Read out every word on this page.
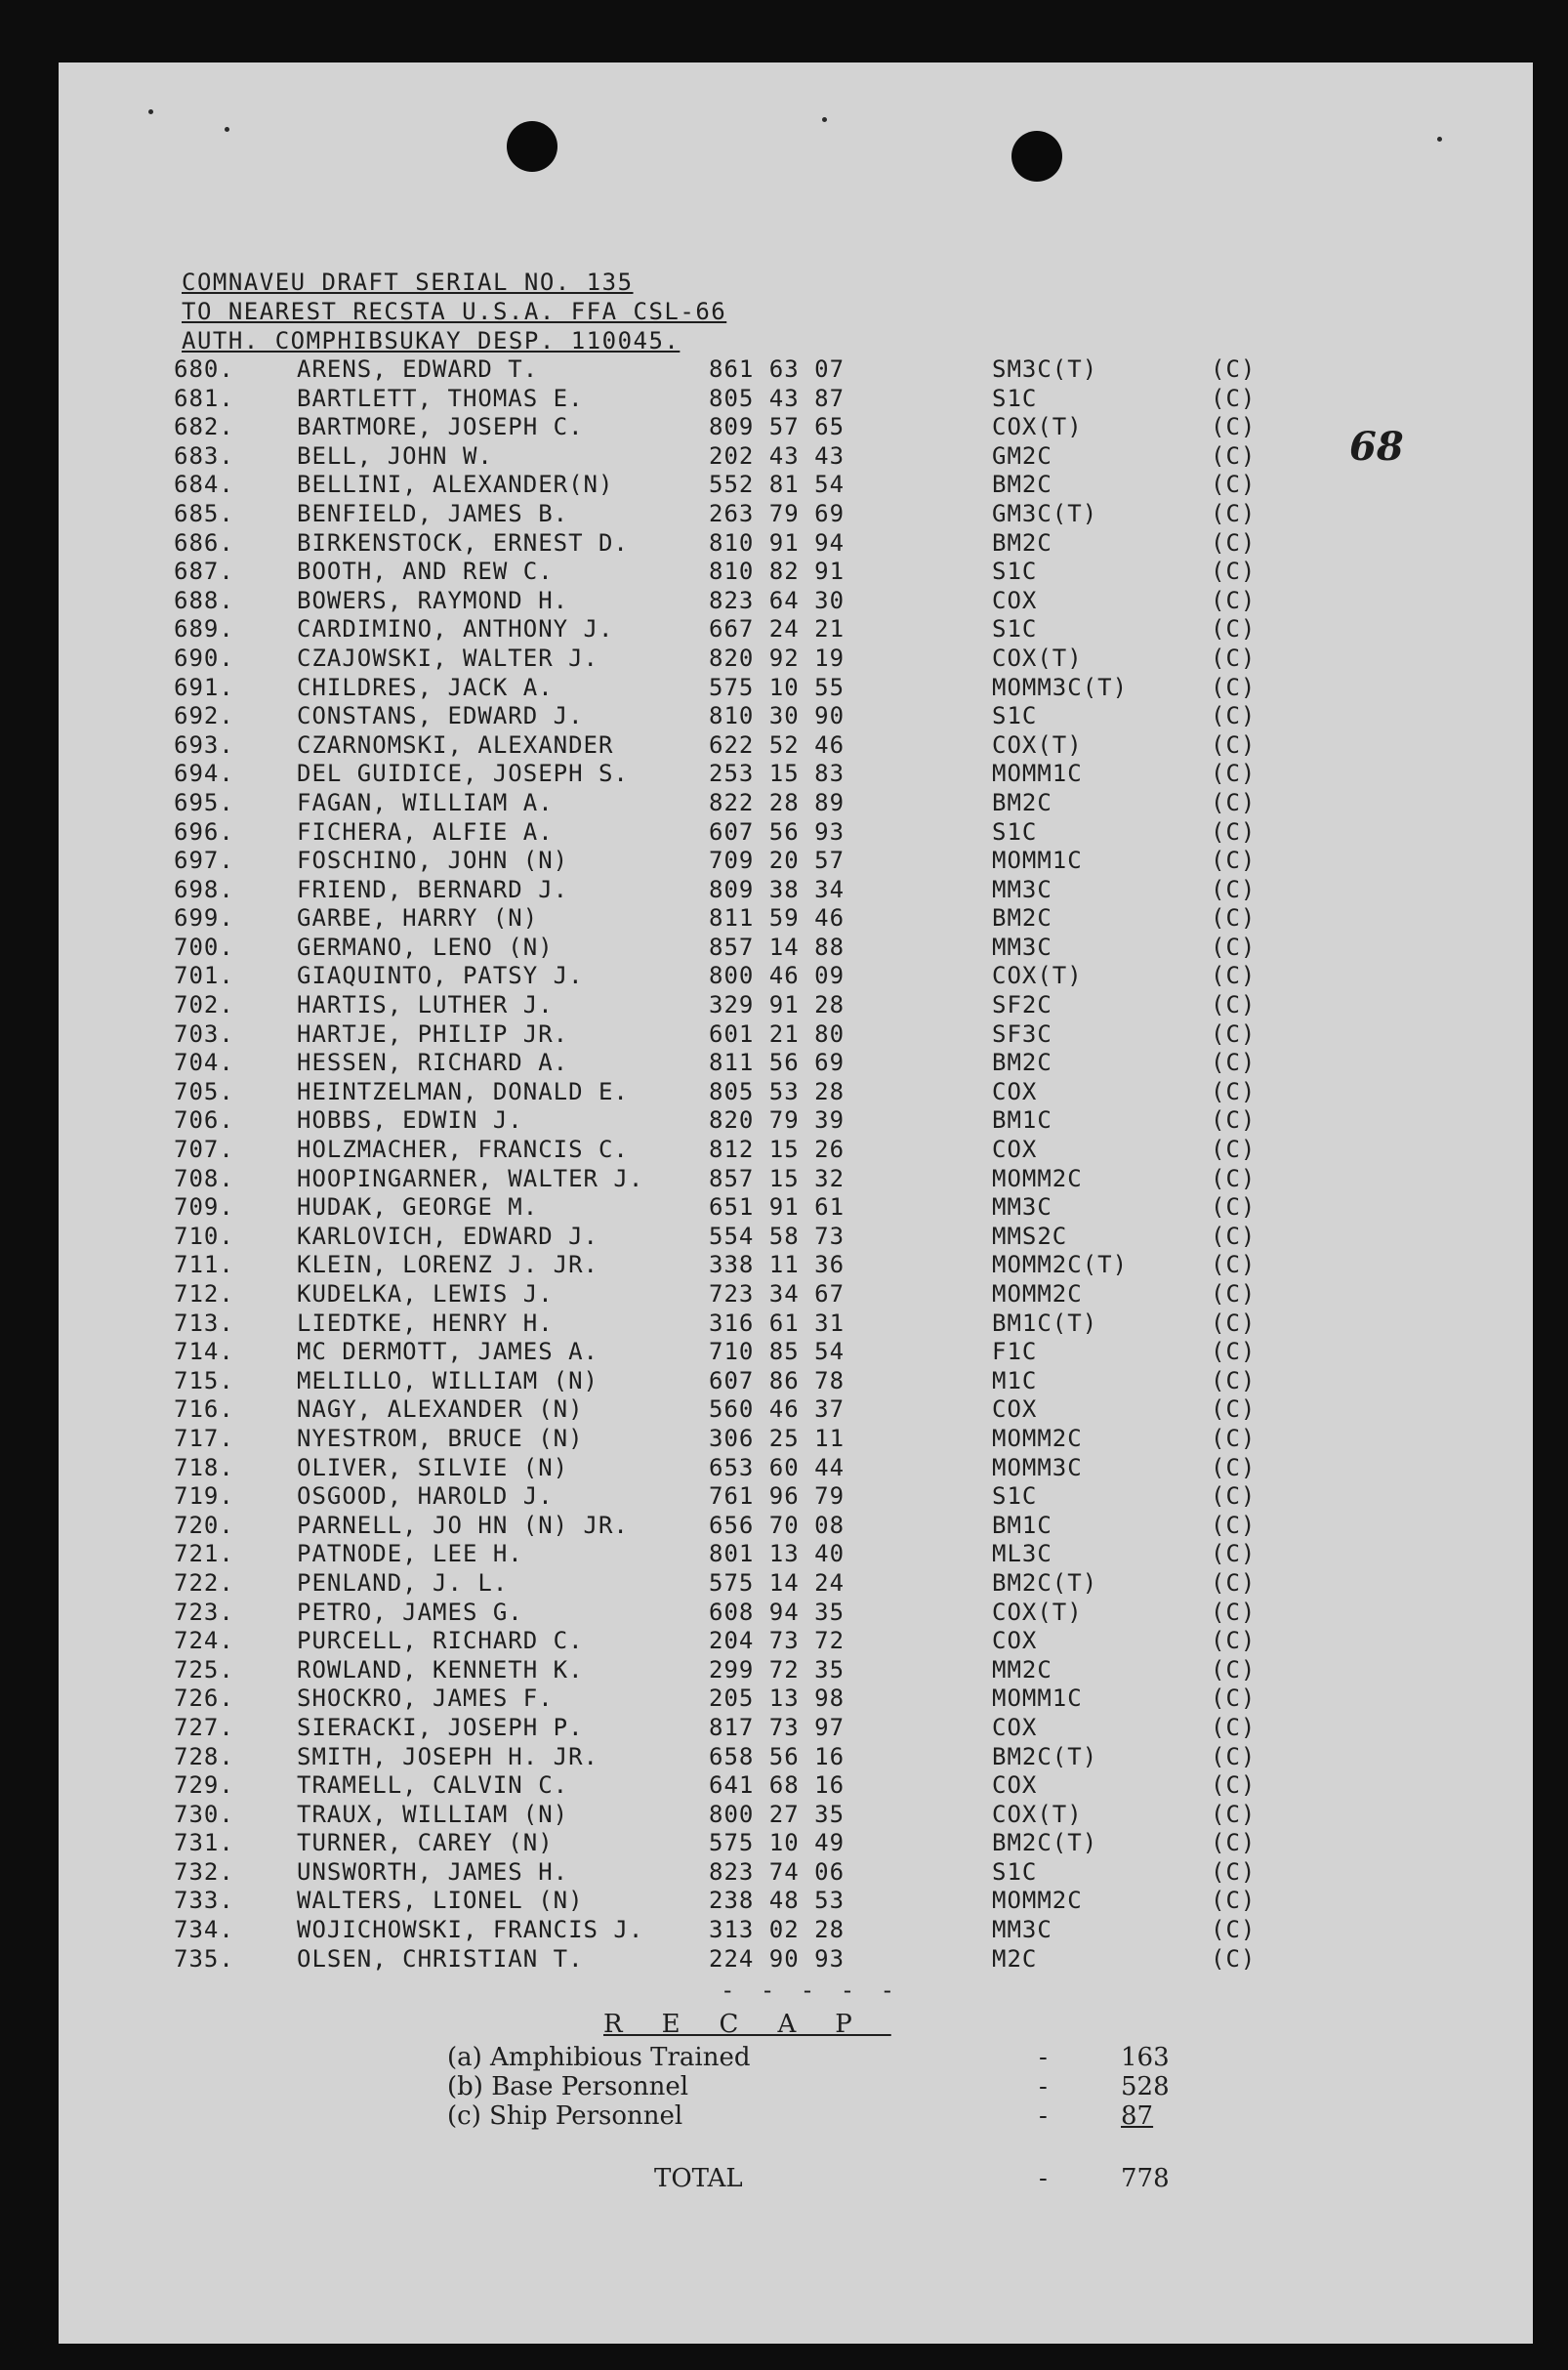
68
COMNAVEU DRAFT SERIAL NO. 135
TO NEAREST RECSTA U.S.A. FFA CSL-66
AUTH. COMPHIBSUKAY DESP. 110045.
680.	ARENS, EDWARD T.	861 63 07	SM3C(T)	(C)
681.	BARTLETT, THOMAS E.	805 43 87	S1C	(C)
682.	BARTMORE, JOSEPH C.	809 57 65	COX(T)	(C)
683.	BELL, JOHN W.	202 43 43	GM2C	(C)
684.	BELLINI, ALEXANDER(N)	552 81 54	BM2C	(C)
685.	BENFIELD, JAMES B.	263 79 69	GM3C(T)	(C)
686.	BIRKENSTOCK, ERNEST D.	810 91 94	BM2C	(C)
687.	BOOTH, AND REW C.	810 82 91	S1C	(C)
688.	BOWERS, RAYMOND H.	823 64 30	COX	(C)
689.	CARDIMINO, ANTHONY J.	667 24 21	S1C	(C)
690.	CZAJOWSKI, WALTER J.	820 92 19	COX(T)	(C)
691.	CHILDRES, JACK A.	575 10 55	MOMM3C(T)	(C)
692.	CONSTANS, EDWARD J.	810 30 90	S1C	(C)
693.	CZARNOMSKI, ALEXANDER	622 52 46	COX(T)	(C)
694.	DEL GUIDICE, JOSEPH S.	253 15 83	MOMM1C	(C)
695.	FAGAN, WILLIAM A.	822 28 89	BM2C	(C)
696.	FICHERA, ALFIE A.	607 56 93	S1C	(C)
697.	FOSCHINO, JOHN (N)	709 20 57	MOMM1C	(C)
698.	FRIEND, BERNARD J.	809 38 34	MM3C	(C)
699.	GARBE, HARRY (N)	811 59 46	BM2C	(C)
700.	GERMANO, LENO (N)	857 14 88	MM3C	(C)
701.	GIAQUINTO, PATSY J.	800 46 09	COX(T)	(C)
702.	HARTIS, LUTHER J.	329 91 28	SF2C	(C)
703.	HARTJE, PHILIP JR.	601 21 80	SF3C	(C)
704.	HESSEN, RICHARD A.	811 56 69	BM2C	(C)
705.	HEINTZELMAN, DONALD E.	805 53 28	COX	(C)
706.	HOBBS, EDWIN J.	820 79 39	BM1C	(C)
707.	HOLZMACHER, FRANCIS C.	812 15 26	COX	(C)
708.	HOOPINGARNER, WALTER J.	857 15 32	MOMM2C	(C)
709.	HUDAK, GEORGE M.	651 91 61	MM3C	(C)
710.	KARLOVICH, EDWARD J.	554 58 73	MMS2C	(C)
711.	KLEIN, LORENZ J. JR.	338 11 36	MOMM2C(T)	(C)
712.	KUDELKA, LEWIS J.	723 34 67	MOMM2C	(C)
713.	LIEDTKE, HENRY H.	316 61 31	BM1C(T)	(C)
714.	MC DERMOTT, JAMES A.	710 85 54	F1C	(C)
715.	MELILLO, WILLIAM (N)	607 86 78	M1C	(C)
716.	NAGY, ALEXANDER (N)	560 46 37	COX	(C)
717.	NYESTROM, BRUCE (N)	306 25 11	MOMM2C	(C)
718.	OLIVER, SILVIE (N)	653 60 44	MOMM3C	(C)
719.	OSGOOD, HAROLD J.	761 96 79	S1C	(C)
720.	PARNELL, JO HN (N) JR.	656 70 08	BM1C	(C)
721.	PATNODE, LEE H.	801 13 40	ML3C	(C)
722.	PENLAND, J. L.	575 14 24	BM2C(T)	(C)
723.	PETRO, JAMES G.	608 94 35	COX(T)	(C)
724.	PURCELL, RICHARD C.	204 73 72	COX	(C)
725.	ROWLAND, KENNETH K.	299 72 35	MM2C	(C)
726.	SHOCKRO, JAMES F.	205 13 98	MOMM1C	(C)
727.	SIERACKI, JOSEPH P.	817 73 97	COX	(C)
728.	SMITH, JOSEPH H. JR.	658 56 16	BM2C(T)	(C)
729.	TRAMELL, CALVIN C.	641 68 16	COX	(C)
730.	TRAUX, WILLIAM (N)	800 27 35	COX(T)	(C)
731.	TURNER, CAREY (N)	575 10 49	BM2C(T)	(C)
732.	UNSWORTH, JAMES H.	823 74 06	S1C	(C)
733.	WALTERS, LIONEL (N)	238 48 53	MOMM2C	(C)
734.	WOJICHOWSKI, FRANCIS J.	313 02 28	MM3C	(C)
735.	OLSEN, CHRISTIAN T.	224 90 93	M2C	(C)
- - - - -
RECAP
(a) Amphibious Trained	-	163
(b) Base Personnel	-	528
(c) Ship Personnel	-	87
TOTAL	-	778
